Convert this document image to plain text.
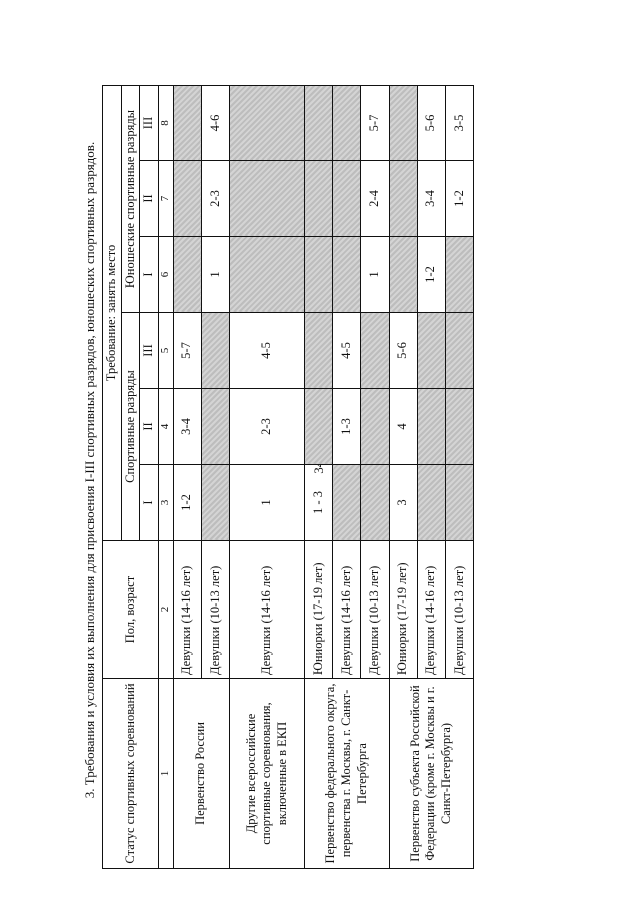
3. Требования и условия их выполнения для присвоения I-III спортивных разрядов, юношеских спортивных разрядов. Статус спортивных соревнований	Пол, возраст	Требование: занять место					
		Спортивные разряды			Юношеские спортивные разряды		
		I	II	III	I	II	III
1	2	3	4	5	6	7	8
Первенство России	Девушки (14-16 лет)	1-2	3-4	5-7			
	Девушки (10-13 лет)				1	2-3	4-6
Другие всероссийские спортивные соревнования, включенные в ЕКП	Девушки (14-16 лет)	1	2-3	4-5			
Первенство федерального округа, первенства г. Москвы, г. Санкт-Петербурга	Юниорки (17-19 лет)	1 - 3					
	Девушки (14-16 лет)		1-3	4-5			
	Девушки (10-13 лет)				1	2-4	5-7
Первенство субъекта Российской Федерации (кроме г. Москвы и г. Санкт-Петербурга)	Юниорки (17-19 лет)	3	4	5-6			
	Девушки (14-16 лет)				1-2	3-4	5-6
	Девушки (10-13 лет)					1-2	3-5
